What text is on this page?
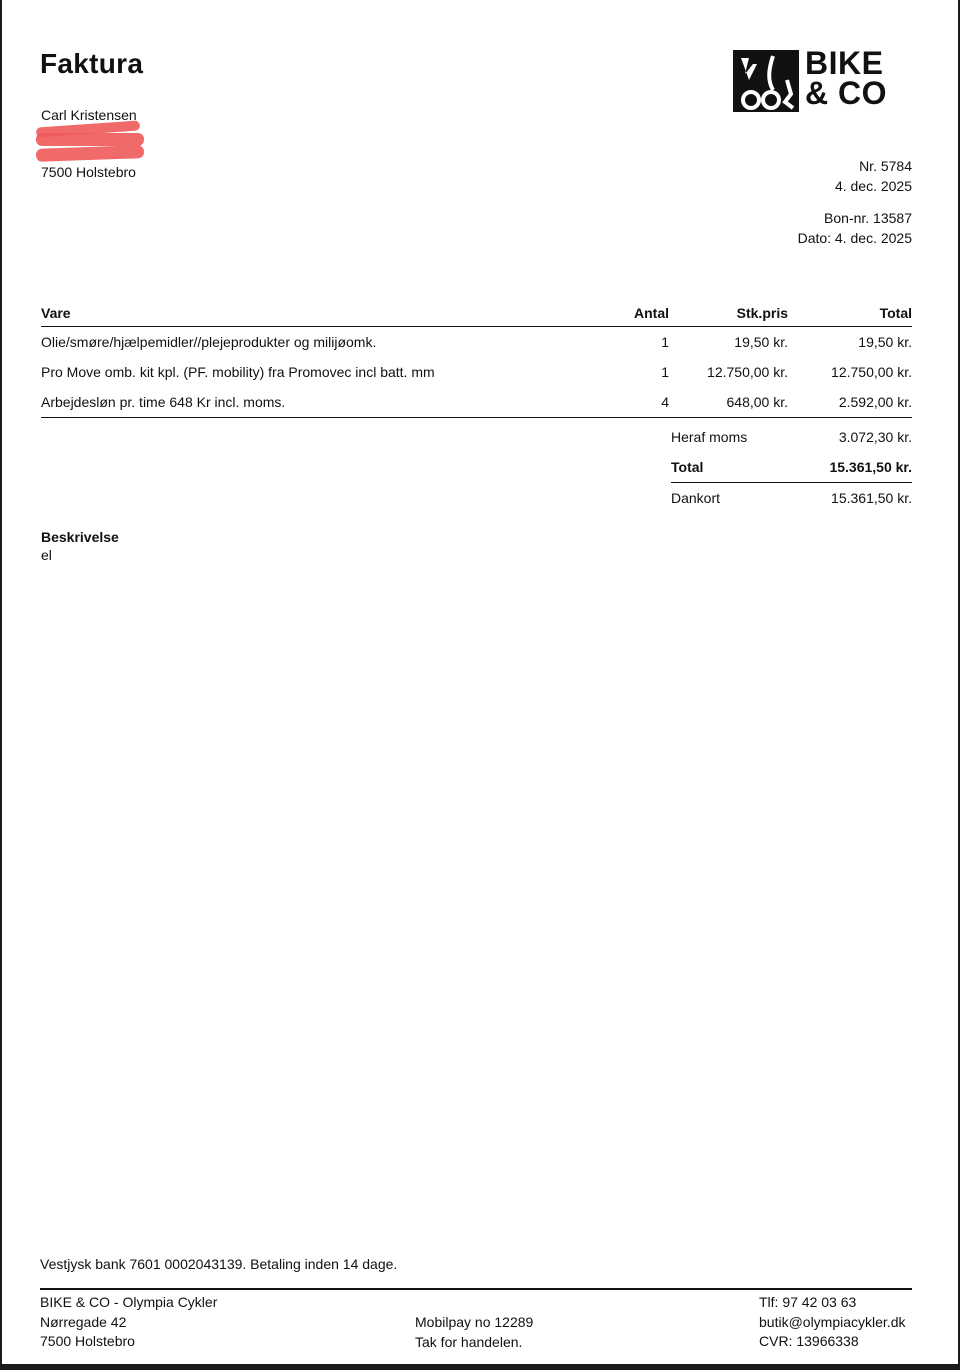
Faktura
Carl Kristensen
7500 Holstebro
BIKE
& CO
Nr. 5784
4. dec. 2025
Bon-nr. 13587
Dato: 4. dec. 2025
Vare	Antal	Stk.pris	Total
Olie/smøre/hjælpemidler//plejeprodukter og milijøomk.	1	19,50 kr.	19,50 kr.
Pro Move omb. kit kpl. (PF. mobility) fra Promovec incl batt. mm	1	12.750,00 kr.	12.750,00 kr.
Arbejdesløn pr. time 648 Kr incl. moms.	4	648,00 kr.	2.592,00 kr.
Heraf moms	3.072,30 kr.
Total	15.361,50 kr.
Dankort	15.361,50 kr.
Beskrivelse
el
Vestjysk bank 7601 0002043139. Betaling inden 14 dage.
BIKE & CO - Olympia Cykler
Nørregade 42
7500 Holstebro
Mobilpay no 12289
Tak for handelen.
Tlf: 97 42 03 63
butik@olympiacykler.dk
CVR: 13966338
